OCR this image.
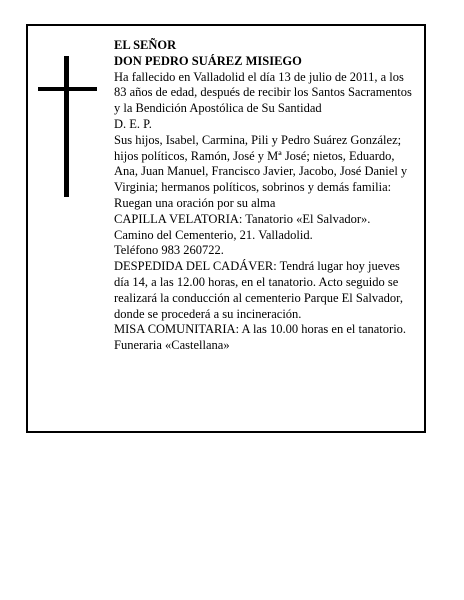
EL SEÑOR

DON PEDRO SUÁREZ MISIEGO

Ha fallecido en Valladolid el día 13 de julio de 2011, a los 83 años de edad, después de recibir los Santos Sacramentos y la Bendición Apostólica de Su Santidad

D. E. P.

Sus hijos, Isabel, Carmina, Pili y Pedro Suárez González; hijos políticos, Ramón, José y Mª José; nietos, Eduardo, Ana, Juan Manuel, Francisco Javier, Jacobo, José Daniel y Virginia; hermanos políticos, sobrinos y demás familia:

Ruegan una oración por su alma

CAPILLA VELATORIA: Tanatorio «El Salvador».

Camino del Cementerio, 21. Valladolid.

Teléfono 983 260722.

DESPEDIDA DEL CADÁVER: Tendrá lugar hoy jueves día 14, a las 12.00 horas, en el tanatorio. Acto seguido se realizará la conducción al cementerio Parque El Salvador, donde se procederá a su incineración.

MISA COMUNITARIA: A las 10.00 horas en el tanatorio.

Funeraria «Castellana»
